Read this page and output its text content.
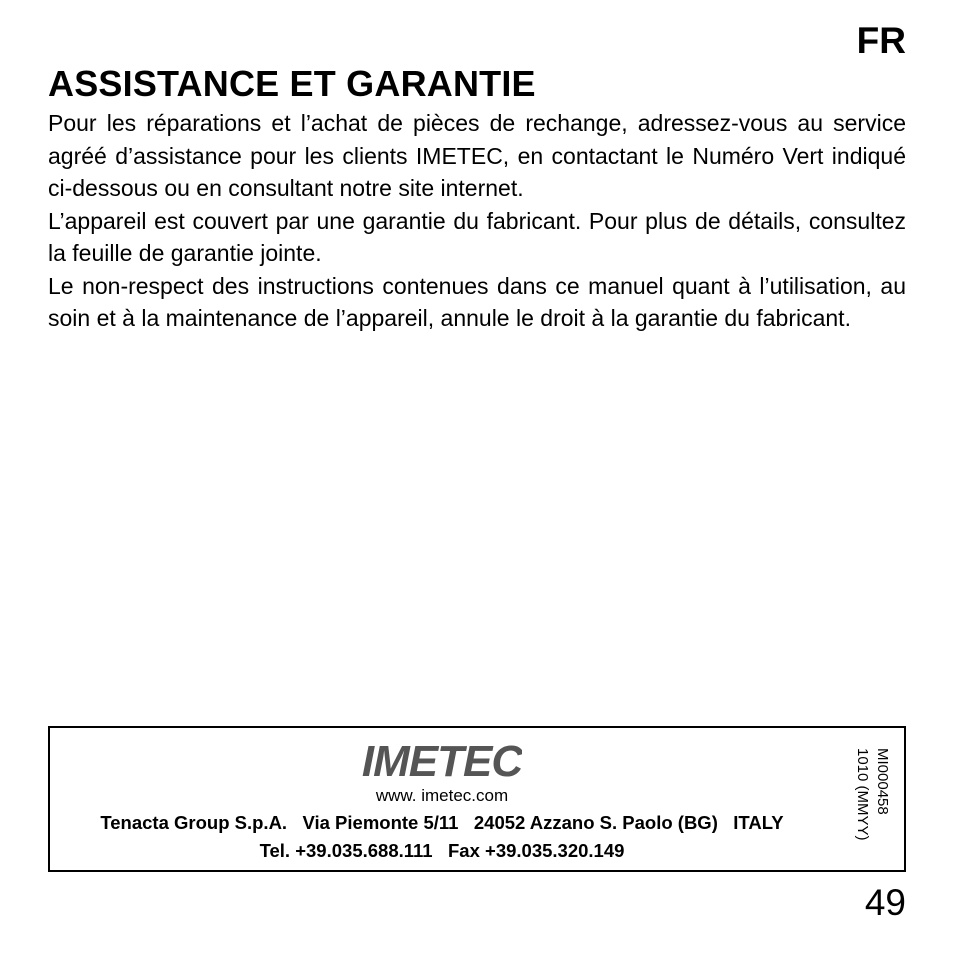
FR
ASSISTANCE ET GARANTIE

Pour les réparations et l’achat de pièces de rechange, adressez-vous au service agréé d’assistance pour les clients IMETEC, en contactant le Numéro Vert indiqué ci-dessous ou en consultant notre site internet.

L’appareil est couvert par une garantie du fabricant. Pour plus de détails, consultez la feuille de garantie jointe.

Le non-respect des instructions contenues dans ce manuel quant à l’utilisation, au soin et à la maintenance de l’appareil, annule le droit à la garantie du fabricant.

IMETEC
www. imetec.com
Tenacta Group S.p.A.   Via Piemonte 5/11   24052 Azzano S. Paolo (BG)   ITALY
Tel. +39.035.688.111   Fax +39.035.320.149
MI000458
1010 (MMYY)
49
